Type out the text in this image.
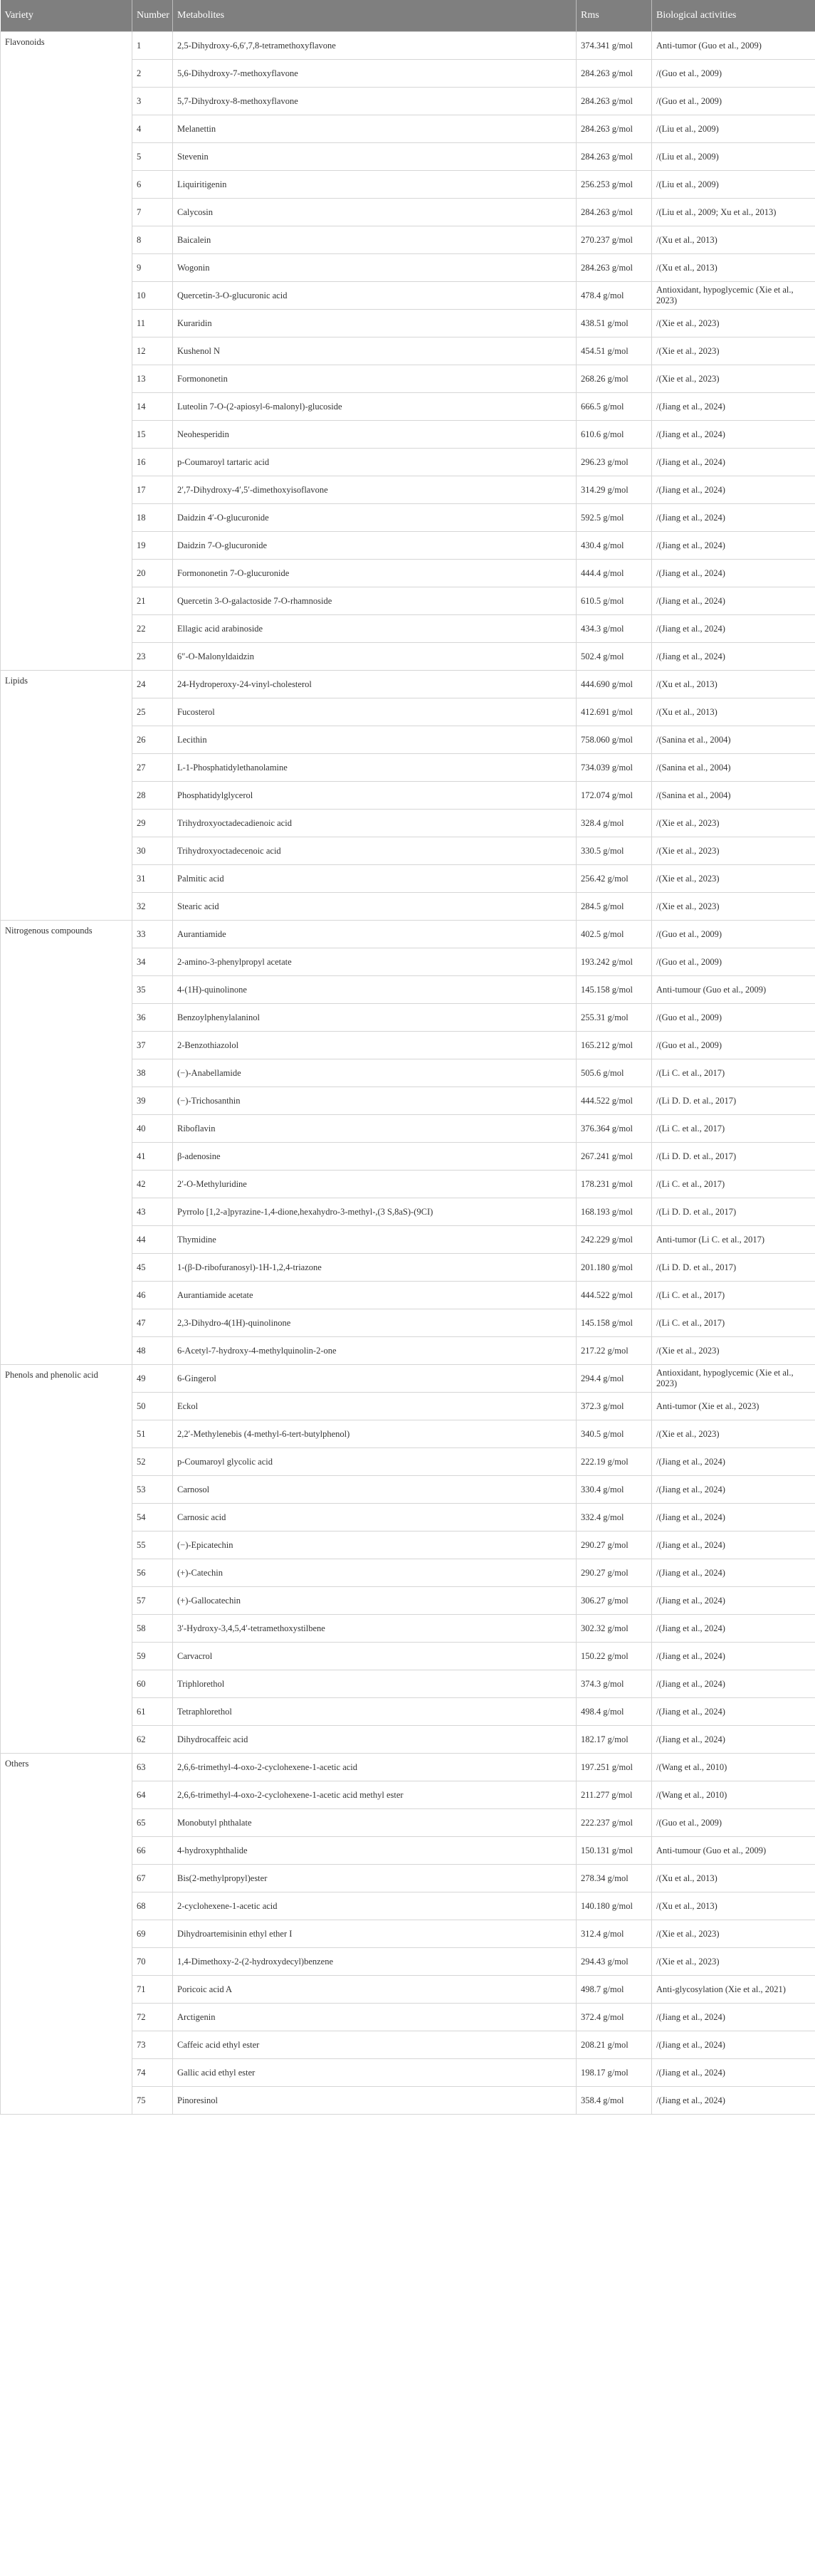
Variety	Number	Metabolites	Rms	Biological activities
Flavonoids	1	2,5-Dihydroxy-6,6′,7,8-tetramethoxyflavone	374.341 g/mol	Anti-tumor (Guo et al., 2009)
	2	5,6-Dihydroxy-7-methoxyflavone	284.263 g/mol	/(Guo et al., 2009)
	3	5,7-Dihydroxy-8-methoxyflavone	284.263 g/mol	/(Guo et al., 2009)
	4	Melanettin	284.263 g/mol	/(Liu et al., 2009)
	5	Stevenin	284.263 g/mol	/(Liu et al., 2009)
	6	Liquiritigenin	256.253 g/mol	/(Liu et al., 2009)
	7	Calycosin	284.263 g/mol	/(Liu et al., 2009; Xu et al., 2013)
	8	Baicalein	270.237 g/mol	/(Xu et al., 2013)
	9	Wogonin	284.263 g/mol	/(Xu et al., 2013)
	10	Quercetin-3-O-glucuronic acid	478.4 g/mol	Antioxidant, hypoglycemic (Xie et al., 2023)
	11	Kuraridin	438.51 g/mol	/(Xie et al., 2023)
	12	Kushenol N	454.51 g/mol	/(Xie et al., 2023)
	13	Formononetin	268.26 g/mol	/(Xie et al., 2023)
	14	Luteolin 7-O-(2-apiosyl-6-malonyl)-glucoside	666.5 g/mol	/(Jiang et al., 2024)
	15	Neohesperidin	610.6 g/mol	/(Jiang et al., 2024)
	16	p-Coumaroyl tartaric acid	296.23 g/mol	/(Jiang et al., 2024)
	17	2′,7-Dihydroxy-4′,5′-dimethoxyisoflavone	314.29 g/mol	/(Jiang et al., 2024)
	18	Daidzin 4′-O-glucuronide	592.5 g/mol	/(Jiang et al., 2024)
	19	Daidzin 7-O-glucuronide	430.4 g/mol	/(Jiang et al., 2024)
	20	Formononetin 7-O-glucuronide	444.4 g/mol	/(Jiang et al., 2024)
	21	Quercetin 3-O-galactoside 7-O-rhamnoside	610.5 g/mol	/(Jiang et al., 2024)
	22	Ellagic acid arabinoside	434.3 g/mol	/(Jiang et al., 2024)
	23	6″-O-Malonyldaidzin	502.4 g/mol	/(Jiang et al., 2024)
Lipids	24	24-Hydroperoxy-24-vinyl-cholesterol	444.690 g/mol	/(Xu et al., 2013)
	25	Fucosterol	412.691 g/mol	/(Xu et al., 2013)
	26	Lecithin	758.060 g/mol	/(Sanina et al., 2004)
	27	L-1-Phosphatidylethanolamine	734.039 g/mol	/(Sanina et al., 2004)
	28	Phosphatidylglycerol	172.074 g/mol	/(Sanina et al., 2004)
	29	Trihydroxyoctadecadienoic acid	328.4 g/mol	/(Xie et al., 2023)
	30	Trihydroxyoctadecenoic acid	330.5 g/mol	/(Xie et al., 2023)
	31	Palmitic acid	256.42 g/mol	/(Xie et al., 2023)
	32	Stearic acid	284.5 g/mol	/(Xie et al., 2023)
Nitrogenous compounds	33	Aurantiamide	402.5 g/mol	/(Guo et al., 2009)
	34	2-amino-3-phenylpropyl acetate	193.242 g/mol	/(Guo et al., 2009)
	35	4-(1H)-quinolinone	145.158 g/mol	Anti-tumour (Guo et al., 2009)
	36	Benzoylphenylalaninol	255.31 g/mol	/(Guo et al., 2009)
	37	2-Benzothiazolol	165.212 g/mol	/(Guo et al., 2009)
	38	(−)-Anabellamide	505.6 g/mol	/(Li C. et al., 2017)
	39	(−)-Trichosanthin	444.522 g/mol	/(Li D. D. et al., 2017)
	40	Riboflavin	376.364 g/mol	/(Li C. et al., 2017)
	41	β-adenosine	267.241 g/mol	/(Li D. D. et al., 2017)
	42	2′-O-Methyluridine	178.231 g/mol	/(Li C. et al., 2017)
	43	Pyrrolo [1,2-a]pyrazine-1,4-dione,hexahydro-3-methyl-,(3 S,8aS)-(9CI)	168.193 g/mol	/(Li D. D. et al., 2017)
	44	Thymidine	242.229 g/mol	Anti-tumor (Li C. et al., 2017)
	45	1-(β-D-ribofuranosyl)-1H-1,2,4-triazone	201.180 g/mol	/(Li D. D. et al., 2017)
	46	Aurantiamide acetate	444.522 g/mol	/(Li C. et al., 2017)
	47	2,3-Dihydro-4(1H)-quinolinone	145.158 g/mol	/(Li C. et al., 2017)
	48	6-Acetyl-7-hydroxy-4-methylquinolin-2-one	217.22 g/mol	/(Xie et al., 2023)
Phenols and phenolic acid	49	6-Gingerol	294.4 g/mol	Antioxidant, hypoglycemic (Xie et al., 2023)
	50	Eckol	372.3 g/mol	Anti-tumor (Xie et al., 2023)
	51	2,2′-Methylenebis (4-methyl-6-tert-butylphenol)	340.5 g/mol	/(Xie et al., 2023)
	52	p-Coumaroyl glycolic acid	222.19 g/mol	/(Jiang et al., 2024)
	53	Carnosol	330.4 g/mol	/(Jiang et al., 2024)
	54	Carnosic acid	332.4 g/mol	/(Jiang et al., 2024)
	55	(−)-Epicatechin	290.27 g/mol	/(Jiang et al., 2024)
	56	(+)-Catechin	290.27 g/mol	/(Jiang et al., 2024)
	57	(+)-Gallocatechin	306.27 g/mol	/(Jiang et al., 2024)
	58	3′-Hydroxy-3,4,5,4′-tetramethoxystilbene	302.32 g/mol	/(Jiang et al., 2024)
	59	Carvacrol	150.22 g/mol	/(Jiang et al., 2024)
	60	Triphlorethol	374.3 g/mol	/(Jiang et al., 2024)
	61	Tetraphlorethol	498.4 g/mol	/(Jiang et al., 2024)
	62	Dihydrocaffeic acid	182.17 g/mol	/(Jiang et al., 2024)
Others	63	2,6,6-trimethyl-4-oxo-2-cyclohexene-1-acetic acid	197.251 g/mol	/(Wang et al., 2010)
	64	2,6,6-trimethyl-4-oxo-2-cyclohexene-1-acetic acid methyl ester	211.277 g/mol	/(Wang et al., 2010)
	65	Monobutyl phthalate	222.237 g/mol	/(Guo et al., 2009)
	66	4-hydroxyphthalide	150.131 g/mol	Anti-tumour (Guo et al., 2009)
	67	Bis(2-methylpropyl)ester	278.34 g/mol	/(Xu et al., 2013)
	68	2-cyclohexene-1-acetic acid	140.180 g/mol	/(Xu et al., 2013)
	69	Dihydroartemisinin ethyl ether I	312.4 g/mol	/(Xie et al., 2023)
	70	1,4-Dimethoxy-2-(2-hydroxydecyl)benzene	294.43 g/mol	/(Xie et al., 2023)
	71	Poricoic acid A	498.7 g/mol	Anti-glycosylation (Xie et al., 2021)
	72	Arctigenin	372.4 g/mol	/(Jiang et al., 2024)
	73	Caffeic acid ethyl ester	208.21 g/mol	/(Jiang et al., 2024)
	74	Gallic acid ethyl ester	198.17 g/mol	/(Jiang et al., 2024)
	75	Pinoresinol	358.4 g/mol	/(Jiang et al., 2024)
